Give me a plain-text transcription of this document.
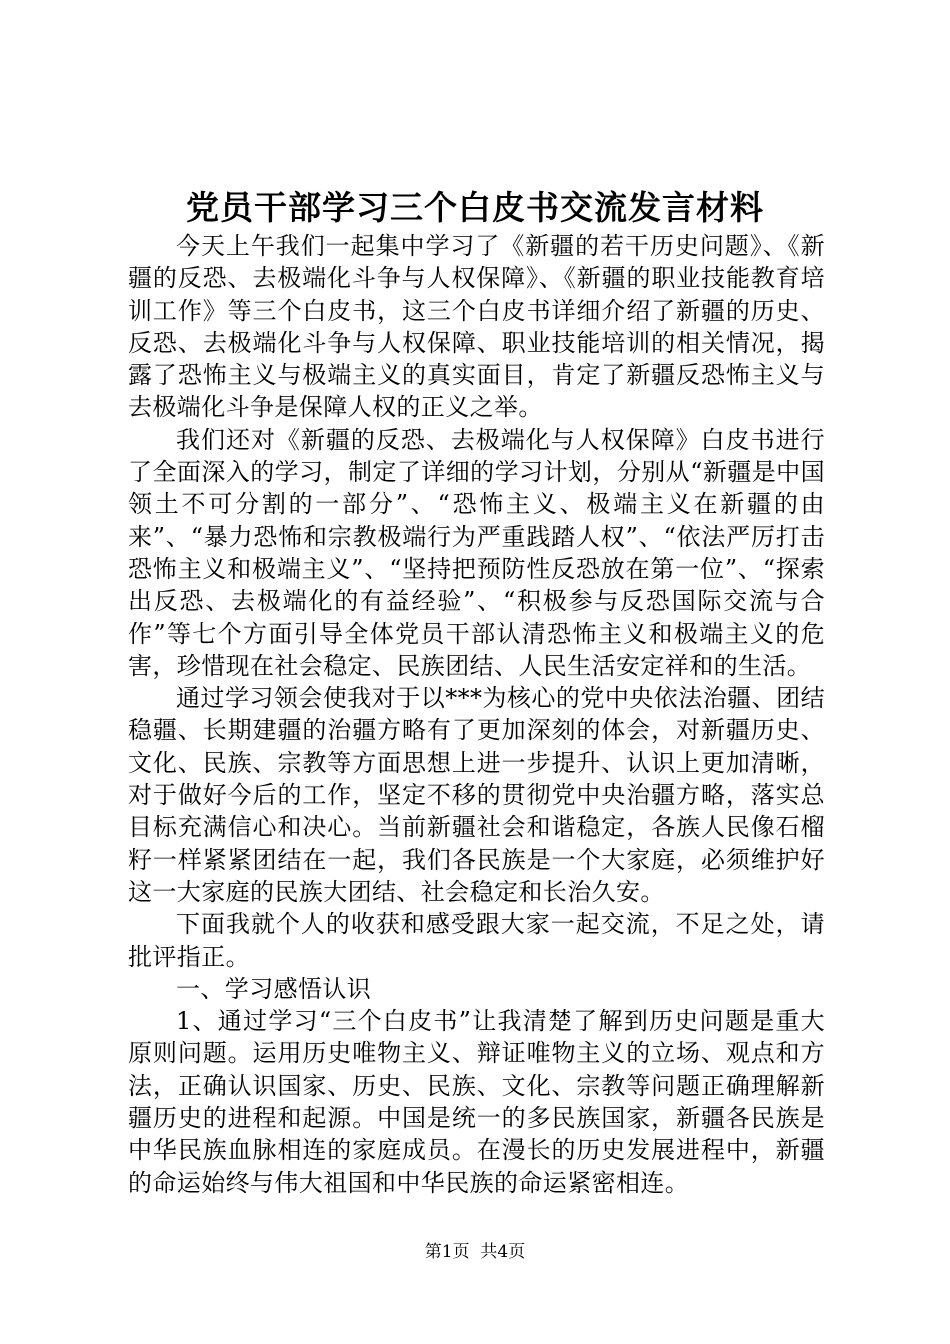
党员干部学习三个白皮书交流发言材料

今天上午我们一起集中学习了《新疆的若干历史问题》、《新疆的反恐、去极端化斗争与人权保障》、《新疆的职业技能教育培训工作》等三个白皮书，这三个白皮书详细介绍了新疆的历史、反恐、去极端化斗争与人权保障、职业技能培训的相关情况，揭露了恐怖主义与极端主义的真实面目，肯定了新疆反恐怖主义与去极端化斗争是保障人权的正义之举。

我们还对《新疆的反恐、去极端化与人权保障》白皮书进行了全面深入的学习，制定了详细的学习计划，分别从“新疆是中国领土不可分割的一部分”、“恐怖主义、极端主义在新疆的由来”、“暴力恐怖和宗教极端行为严重践踏人权”、“依法严厉打击恐怖主义和极端主义”、“坚持把预防性反恐放在第一位”、“探索出反恐、去极端化的有益经验”、“积极参与反恐国际交流与合作”等七个方面引导全体党员干部认清恐怖主义和极端主义的危害，珍惜现在社会稳定、民族团结、人民生活安定祥和的生活。

通过学习领会使我对于以***为核心的党中央依法治疆、团结稳疆、长期建疆的治疆方略有了更加深刻的体会，对新疆历史、文化、民族、宗教等方面思想上进一步提升、认识上更加清晰，对于做好今后的工作，坚定不移的贯彻党中央治疆方略，落实总目标充满信心和决心。当前新疆社会和谐稳定，各族人民像石榴籽一样紧紧团结在一起，我们各民族是一个大家庭，必须维护好这一大家庭的民族大团结、社会稳定和长治久安。

下面我就个人的收获和感受跟大家一起交流，不足之处，请批评指正。

一、学习感悟认识

1、通过学习“三个白皮书”让我清楚了解到历史问题是重大原则问题。运用历史唯物主义、辩证唯物主义的立场、观点和方法，正确认识国家、历史、民族、文化、宗教等问题正确理解新疆历史的进程和起源。中国是统一的多民族国家，新疆各民族是中华民族血脉相连的家庭成员。在漫长的历史发展进程中，新疆的命运始终与伟大祖国和中华民族的命运紧密相连。

第1页 共4页
